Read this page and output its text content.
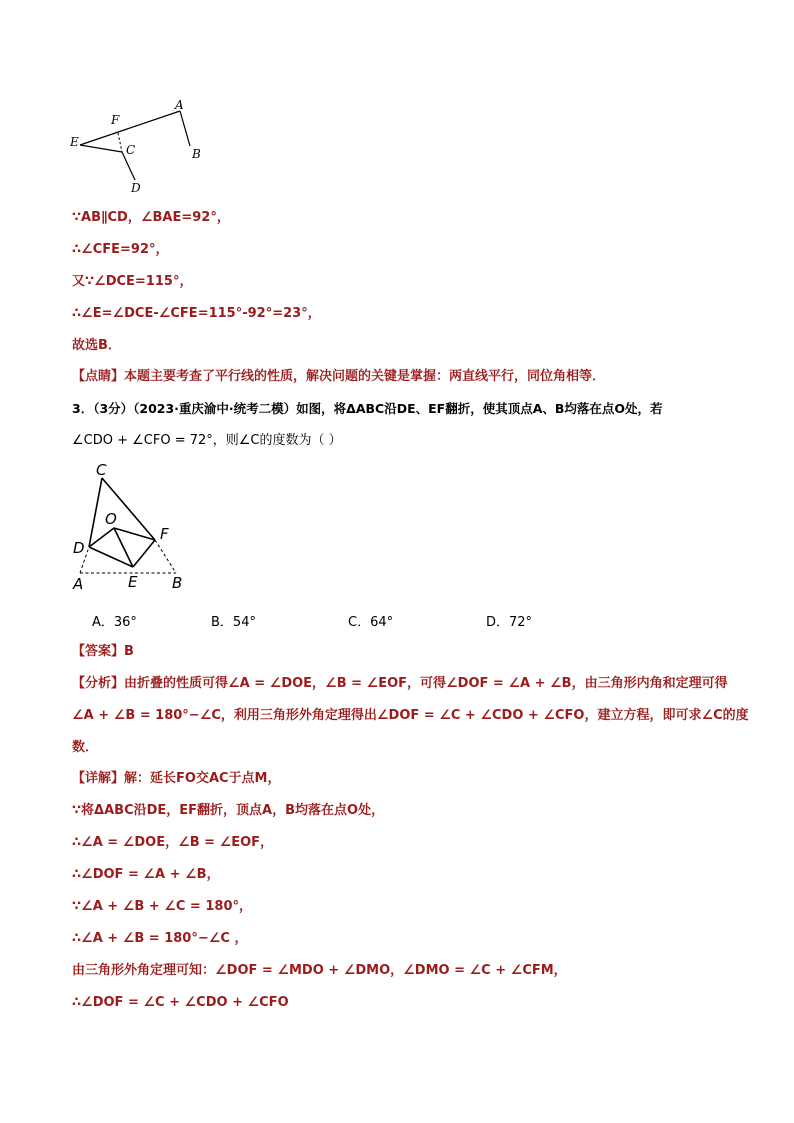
A
B
E
F
C
D
∵AB∥CD，∠BAE=92°，
∴∠CFE=92°，
又∵∠DCE=115°，
∴∠E=∠DCE-∠CFE=115°-92°=23°，
故选B．
【点睛】本题主要考查了平行线的性质，解决问题的关键是掌握：两直线平行，同位角相等．
3．（3分）（2023·重庆渝中·统考二模）如图，将ΔABC沿DE、EF翻折，使其顶点A、B均落在点O处，若
∠CDO + ∠CFO = 72°，则∠C的度数为（ ）
C
O
F
D
A	E B
A．36°	B．54°	C．64°	D．72°
【答案】B
【分析】由折叠的性质可得∠A = ∠DOE，∠B = ∠EOF，可得∠DOF = ∠A + ∠B，由三角形内角和定理可得
∠A + ∠B = 180°−∠C，利用三角形外角定理得出∠DOF = ∠C + ∠CDO + ∠CFO，建立方程，即可求∠C的度
数．
【详解】解：延长FO交AC于点M，
∵将ΔABC沿DE，EF翻折，顶点A，B均落在点O处，
∴∠A = ∠DOE，∠B = ∠EOF，
∴∠DOF = ∠A + ∠B，
∵∠A + ∠B + ∠C = 180°，
∴∠A + ∠B = 180°−∠C ，
由三角形外角定理可知：∠DOF = ∠MDO + ∠DMO，∠DMO = ∠C + ∠CFM，
∴∠DOF = ∠C + ∠CDO + ∠CFO
